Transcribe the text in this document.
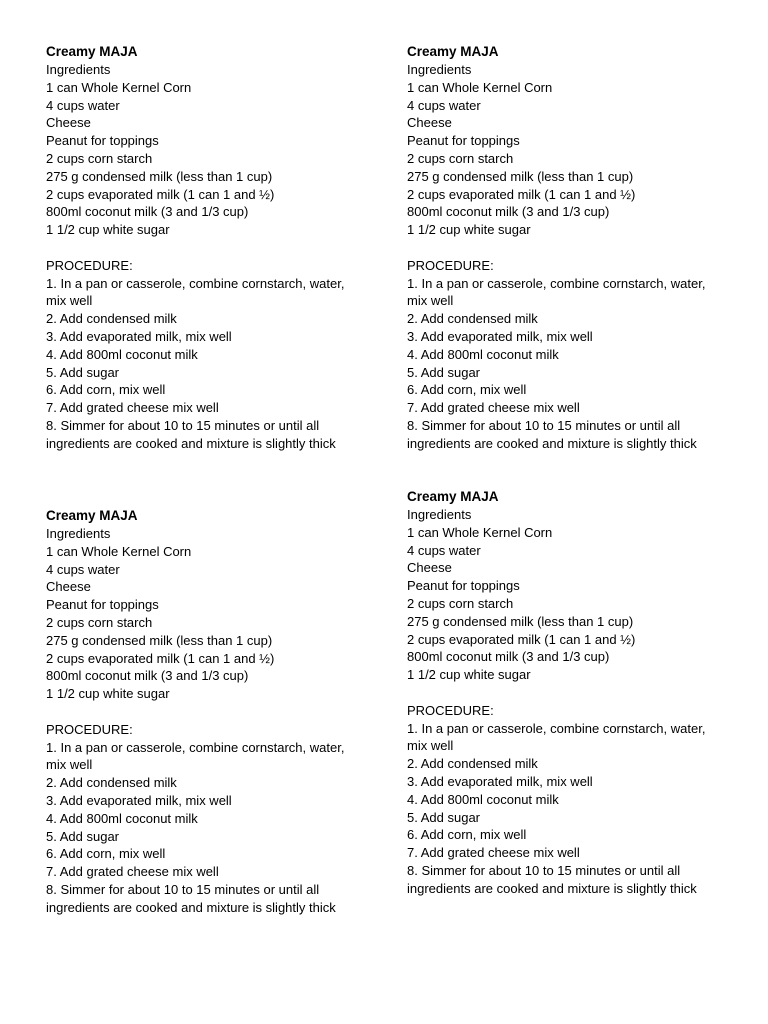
Creamy MAJA

Ingredients

1 can Whole Kernel Corn

4 cups water

Cheese

Peanut for toppings

2 cups corn starch

275 g condensed milk (less than 1 cup)

2 cups evaporated milk (1 can 1 and ½)

800ml coconut milk (3 and 1/3 cup)

1 1/2 cup white sugar

PROCEDURE:

1. In a pan or casserole, combine cornstarch, water, mix well

2. Add condensed milk

3. Add evaporated milk, mix well

4. Add 800ml coconut milk

5. Add sugar

6. Add corn, mix well

7. Add grated cheese mix well

8. Simmer for about 10 to 15 minutes or until all ingredients are cooked and mixture is slightly thick

Creamy MAJA

Ingredients

1 can Whole Kernel Corn

4 cups water

Cheese

Peanut for toppings

2 cups corn starch

275 g condensed milk (less than 1 cup)

2 cups evaporated milk (1 can 1 and ½)

800ml coconut milk (3 and 1/3 cup)

1 1/2 cup white sugar

PROCEDURE:

1. In a pan or casserole, combine cornstarch, water, mix well

2. Add condensed milk

3. Add evaporated milk, mix well

4. Add 800ml coconut milk

5. Add sugar

6. Add corn, mix well

7. Add grated cheese mix well

8. Simmer for about 10 to 15 minutes or until all ingredients are cooked and mixture is slightly thick

Creamy MAJA

Ingredients

1 can Whole Kernel Corn

4 cups water

Cheese

Peanut for toppings

2 cups corn starch

275 g condensed milk (less than 1 cup)

2 cups evaporated milk (1 can 1 and ½)

800ml coconut milk (3 and 1/3 cup)

1 1/2 cup white sugar

PROCEDURE:

1. In a pan or casserole, combine cornstarch, water, mix well

2. Add condensed milk

3. Add evaporated milk, mix well

4. Add 800ml coconut milk

5. Add sugar

6. Add corn, mix well

7. Add grated cheese mix well

8. Simmer for about 10 to 15 minutes or until all ingredients are cooked and mixture is slightly thick

Creamy MAJA

Ingredients

1 can Whole Kernel Corn

4 cups water

Cheese

Peanut for toppings

2 cups corn starch

275 g condensed milk (less than 1 cup)

2 cups evaporated milk (1 can 1 and ½)

800ml coconut milk (3 and 1/3 cup)

1 1/2 cup white sugar

PROCEDURE:

1. In a pan or casserole, combine cornstarch, water, mix well

2. Add condensed milk

3. Add evaporated milk, mix well

4. Add 800ml coconut milk

5. Add sugar

6. Add corn, mix well

7. Add grated cheese mix well

8. Simmer for about 10 to 15 minutes or until all ingredients are cooked and mixture is slightly thick
